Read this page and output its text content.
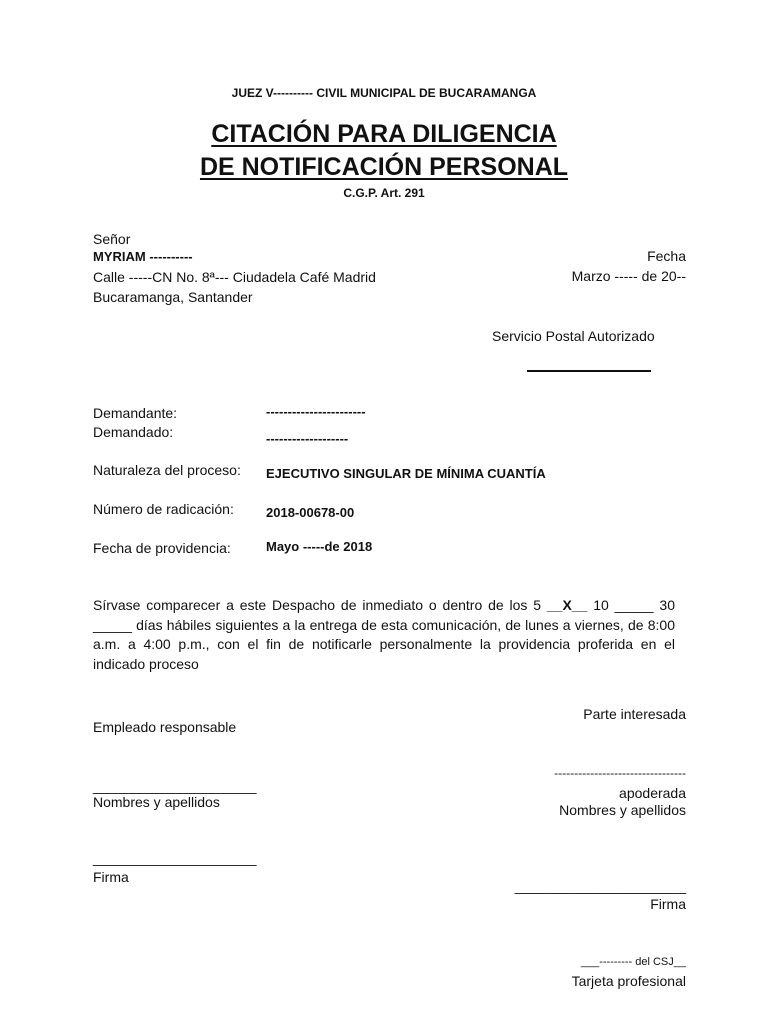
JUEZ V---------- CIVIL MUNICIPAL DE BUCARAMANGA
CITACIÓN PARA DILIGENCIA
DE NOTIFICACIÓN PERSONAL
C.G.P. Art. 291
Señor
MYRIAM ----------
Calle -----CN No. 8ª--- Ciudadela Café Madrid
Bucaramanga, Santander
Fecha
Marzo ----- de 20--
Servicio Postal Autorizado
Demandante:	-----------------------
Demandado:	-------------------
Naturaleza del proceso: EJECUTIVO SINGULAR DE MÍNIMA CUANTÍA
Número de radicación: 2018-00678-00
Fecha de providencia:	Mayo -----de 2018
Sírvase comparecer a este Despacho de inmediato o dentro de los 5 __X__ 10 _____ 30 _____ días hábiles siguientes a la entrega de esta comunicación, de lunes a viernes, de 8:00 a.m. a 4:00 p.m., con el fin de notificarle personalmente la providencia proferida en el indicado proceso
Empleado responsable
_____________________
Nombres y apellidos
_____________________
Firma
Parte interesada
---------------------------------
apoderada
Nombres y apellidos
______________________
Firma
___--------- del CSJ__
Tarjeta profesional
